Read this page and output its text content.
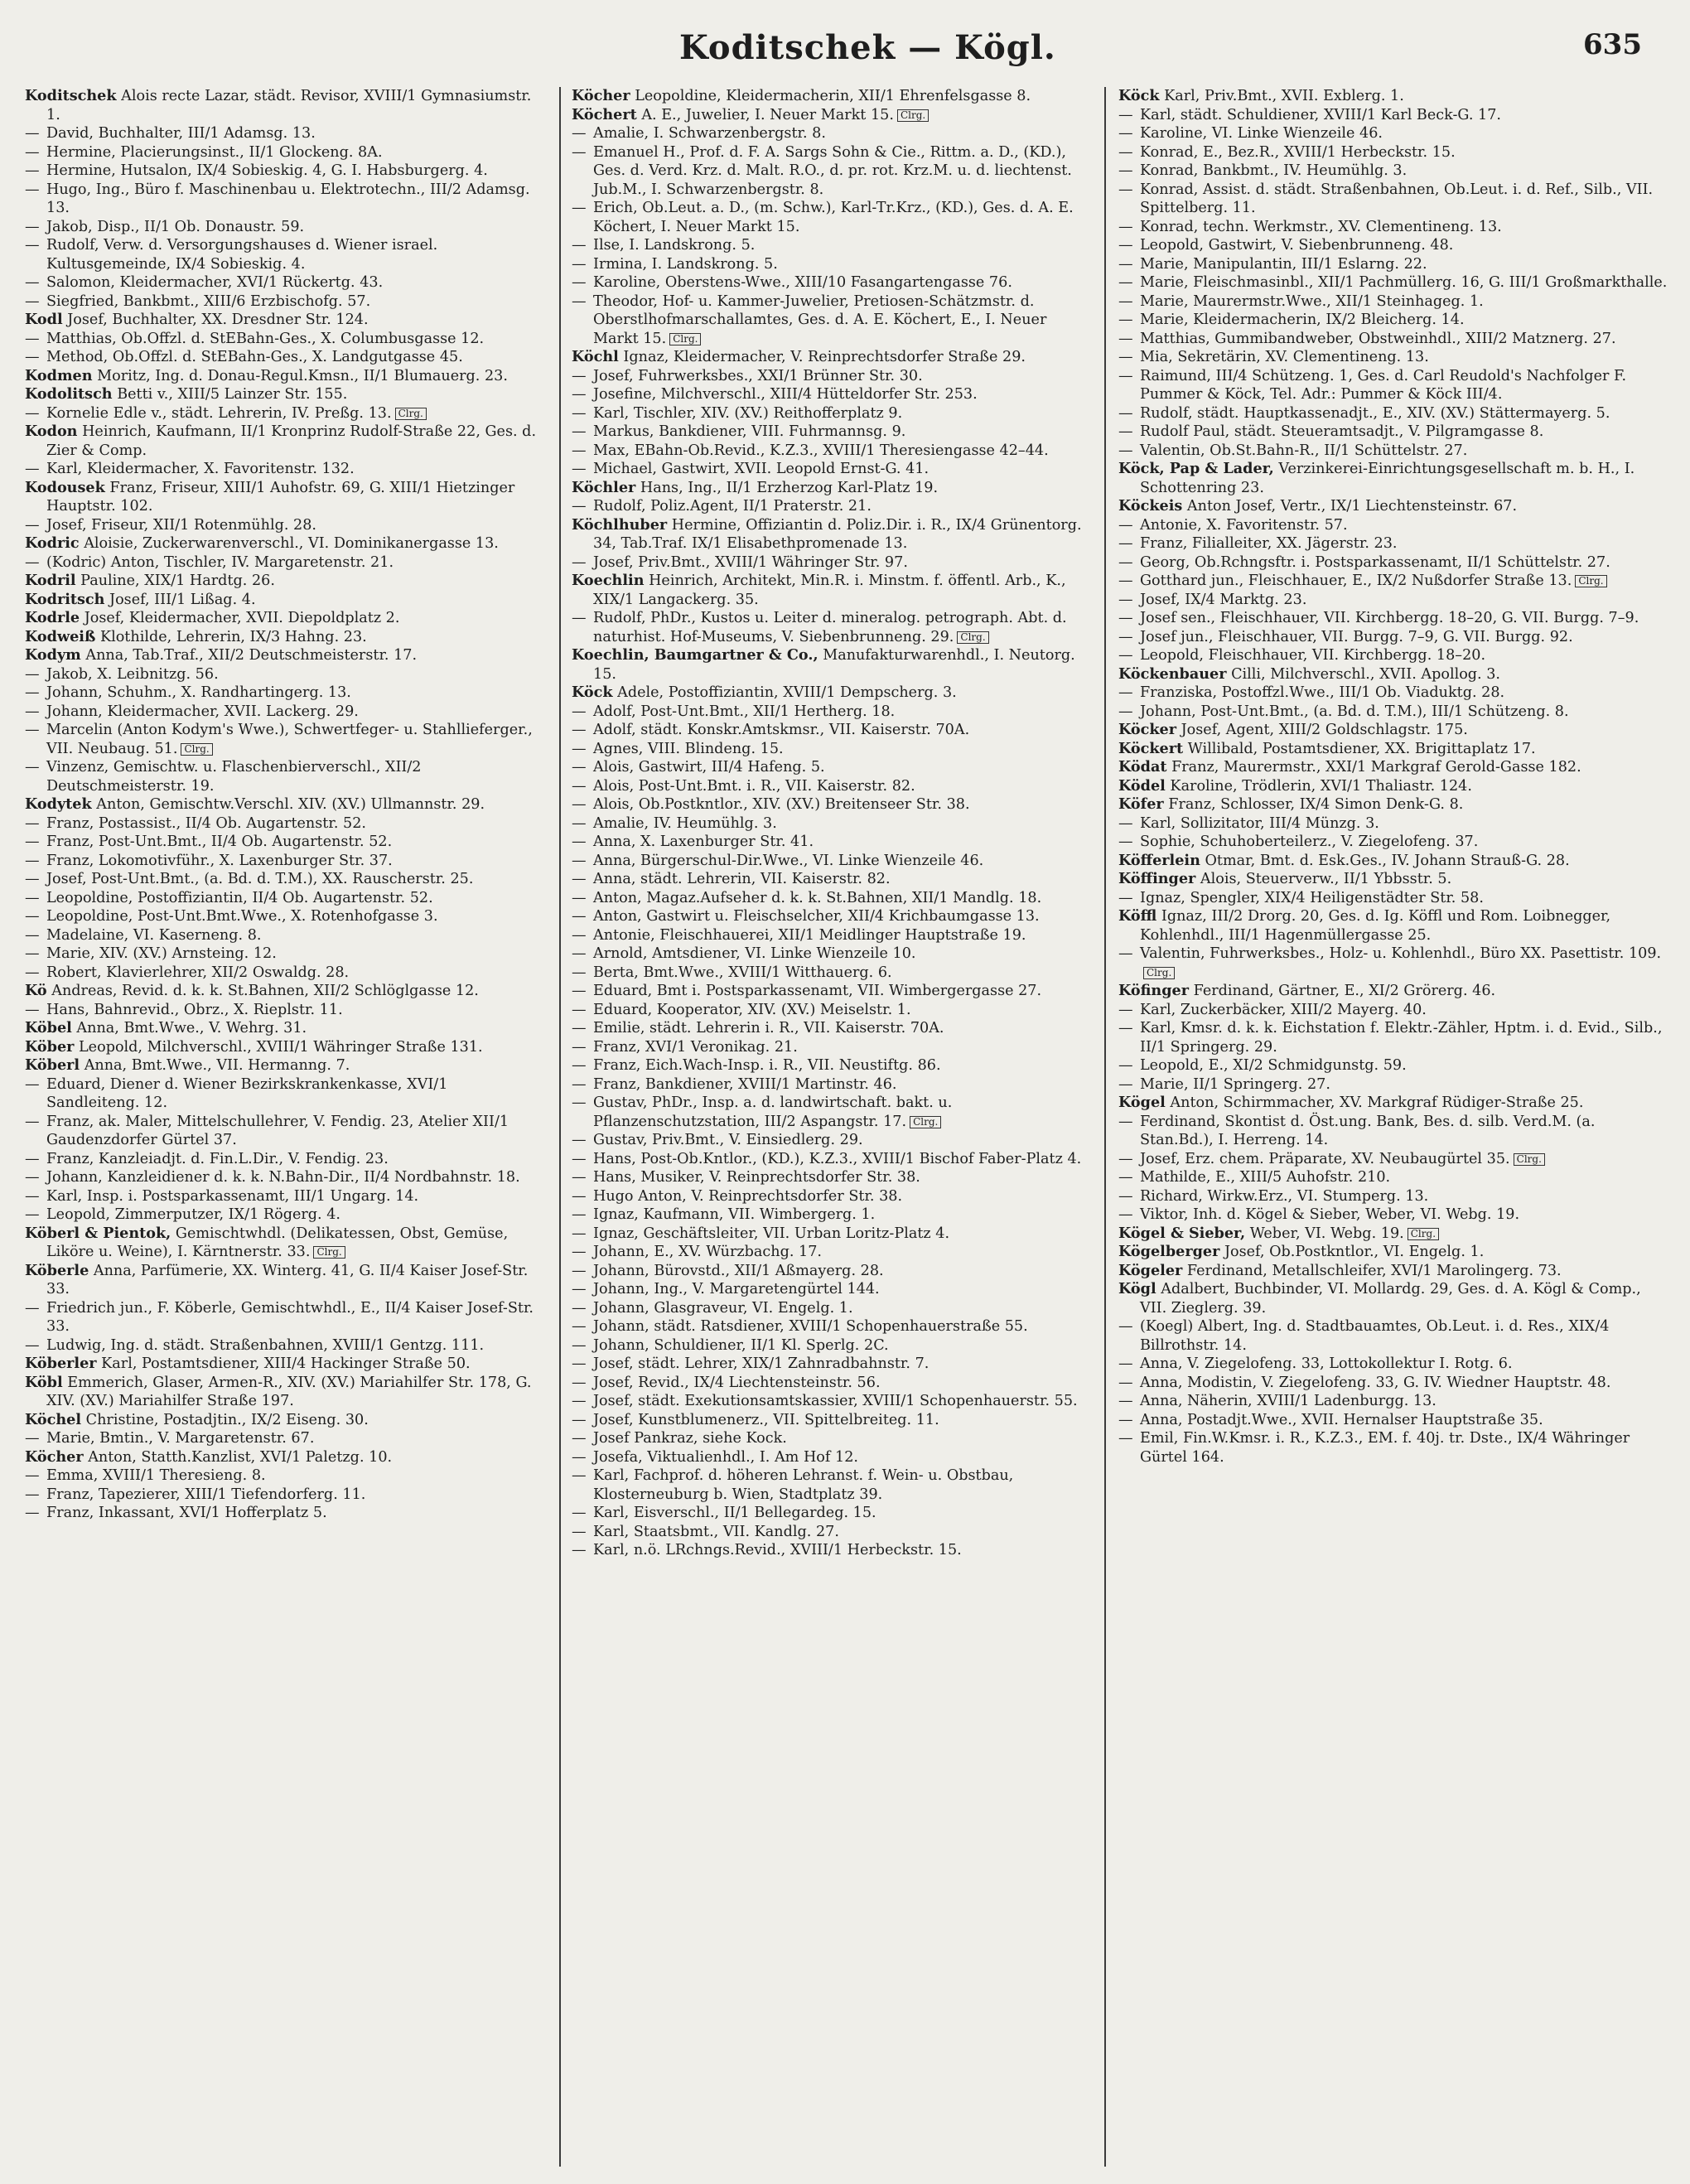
Koditschek — Kögl.	635

Koditschek Alois recte Lazar, städt. Revisor, XVIII/1 Gymnasiumstr. 1.

— David, Buchhalter, III/1 Adamsg. 13.

— Hermine, Placierungsinst., II/1 Glockeng. 8A.

— Hermine, Hutsalon, IX/4 Sobieskig. 4, G. I. Habsburgerg. 4.

— Hugo, Ing., Büro f. Maschinenbau u. Elektrotechn., III/2 Adamsg. 13.

— Jakob, Disp., II/1 Ob. Donaustr. 59.

— Rudolf, Verw. d. Versorgungshauses d. Wiener israel. Kultusgemeinde, IX/4 Sobieskig. 4.

— Salomon, Kleidermacher, XVI/1 Rückertg. 43.

— Siegfried, Bankbmt., XIII/6 Erzbischofg. 57.

Kodl Josef, Buchhalter, XX. Dresdner Str. 124.

— Matthias, Ob.Offzl. d. StEBahn-Ges., X. Columbusgasse 12.

— Method, Ob.Offzl. d. StEBahn-Ges., X. Landgutgasse 45.

Kodmen Moritz, Ing. d. Donau-Regul.Kmsn., II/1 Blumauerg. 23.

Kodolitsch Betti v., XIII/5 Lainzer Str. 155.

— Kornelie Edle v., städt. Lehrerin, IV. Preßg. 13. Clrg.

Kodon Heinrich, Kaufmann, II/1 Kronprinz Rudolf-Straße 22, Ges. d. Zier & Comp.

— Karl, Kleidermacher, X. Favoritenstr. 132.

Kodousek Franz, Friseur, XIII/1 Auhofstr. 69, G. XIII/1 Hietzinger Hauptstr. 102.

— Josef, Friseur, XII/1 Rotenmühlg. 28.

Kodric Aloisie, Zuckerwarenverschl., VI. Dominikanergasse 13.

— (Kodric) Anton, Tischler, IV. Margaretenstr. 21.

Kodril Pauline, XIX/1 Hardtg. 26.

Kodritsch Josef, III/1 Lißag. 4.

Kodrle Josef, Kleidermacher, XVII. Diepoldplatz 2.

Kodweiß Klothilde, Lehrerin, IX/3 Hahng. 23.

Kodym Anna, Tab.Traf., XII/2 Deutschmeisterstr. 17.

— Jakob, X. Leibnitzg. 56.

— Johann, Schuhm., X. Randhartingerg. 13.

— Johann, Kleidermacher, XVII. Lackerg. 29.

— Marcelin (Anton Kodym's Wwe.), Schwertfeger- u. Stahllieferger., VII. Neubaug. 51. Clrg.

— Vinzenz, Gemischtw. u. Flaschenbierverschl., XII/2 Deutschmeisterstr. 19.

Kodytek Anton, Gemischtw.Verschl. XIV. (XV.) Ullmannstr. 29.

— Franz, Postassist., II/4 Ob. Augartenstr. 52.

— Franz, Post-Unt.Bmt., II/4 Ob. Augartenstr. 52.

— Franz, Lokomotivführ., X. Laxenburger Str. 37.

— Josef, Post-Unt.Bmt., (a. Bd. d. T.M.), XX. Rauscherstr. 25.

— Leopoldine, Postoffiziantin, II/4 Ob. Augartenstr. 52.

— Leopoldine, Post-Unt.Bmt.Wwe., X. Rotenhofgasse 3.

— Madelaine, VI. Kaserneng. 8.

— Marie, XIV. (XV.) Arnsteing. 12.

— Robert, Klavierlehrer, XII/2 Oswaldg. 28.

Kö Andreas, Revid. d. k. k. St.Bahnen, XII/2 Schlöglgasse 12.

— Hans, Bahnrevid., Obrz., X. Rieplstr. 11.

Köbel Anna, Bmt.Wwe., V. Wehrg. 31.

Köber Leopold, Milchverschl., XVIII/1 Währinger Straße 131.

Köberl Anna, Bmt.Wwe., VII. Hermanng. 7.

— Eduard, Diener d. Wiener Bezirkskrankenkasse, XVI/1 Sandleiteng. 12.

— Franz, ak. Maler, Mittelschullehrer, V. Fendig. 23, Atelier XII/1 Gaudenzdorfer Gürtel 37.

— Franz, Kanzleiadjt. d. Fin.L.Dir., V. Fendig. 23.

— Johann, Kanzleidiener d. k. k. N.Bahn-Dir., II/4 Nordbahnstr. 18.

— Karl, Insp. i. Postsparkassenamt, III/1 Ungarg. 14.

— Leopold, Zimmerputzer, IX/1 Rögerg. 4.

Köberl & Pientok, Gemischtwhdl. (Delikatessen, Obst, Gemüse, Liköre u. Weine), I. Kärntnerstr. 33. Clrg.

Köberle Anna, Parfümerie, XX. Winterg. 41, G. II/4 Kaiser Josef-Str. 33.

— Friedrich jun., F. Köberle, Gemischtwhdl., E., II/4 Kaiser Josef-Str. 33.

— Ludwig, Ing. d. städt. Straßenbahnen, XVIII/1 Gentzg. 111.

Köberler Karl, Postamtsdiener, XIII/4 Hackinger Straße 50.

Köbl Emmerich, Glaser, Armen-R., XIV. (XV.) Mariahilfer Str. 178, G. XIV. (XV.) Mariahilfer Straße 197.

Köchel Christine, Postadjtin., IX/2 Eiseng. 30.

— Marie, Bmtin., V. Margaretenstr. 67.

Köcher Anton, Statth.Kanzlist, XVI/1 Paletzg. 10.

— Emma, XVIII/1 Theresieng. 8.

— Franz, Tapezierer, XIII/1 Tiefendorferg. 11.

— Franz, Inkassant, XVI/1 Hofferplatz 5.

Köcher Leopoldine, Kleidermacherin, XII/1 Ehrenfelsgasse 8.

Köchert A. E., Juwelier, I. Neuer Markt 15. Clrg.

— Amalie, I. Schwarzenbergstr. 8.

— Emanuel H., Prof. d. F. A. Sargs Sohn & Cie., Rittm. a. D., (KD.), Ges. d. Verd. Krz. d. Malt. R.O., d. pr. rot. Krz.M. u. d. liechtenst. Jub.M., I. Schwarzenbergstr. 8.

— Erich, Ob.Leut. a. D., (m. Schw.), Karl-Tr.Krz., (KD.), Ges. d. A. E. Köchert, I. Neuer Markt 15.

— Ilse, I. Landskrong. 5.

— Irmina, I. Landskrong. 5.

— Karoline, Oberstens-Wwe., XIII/10 Fasangartengasse 76.

— Theodor, Hof- u. Kammer-Juwelier, Pretiosen-Schätzmstr. d. Oberstlhofmarschallamtes, Ges. d. A. E. Köchert, E., I. Neuer Markt 15. Clrg.

Köchl Ignaz, Kleidermacher, V. Reinprechtsdorfer Straße 29.

— Josef, Fuhrwerksbes., XXI/1 Brünner Str. 30.

— Josefine, Milchverschl., XIII/4 Hütteldorfer Str. 253.

— Karl, Tischler, XIV. (XV.) Reithofferplatz 9.

— Markus, Bankdiener, VIII. Fuhrmannsg. 9.

— Max, EBahn-Ob.Revid., K.Z.3., XVIII/1 Theresiengasse 42–44.

— Michael, Gastwirt, XVII. Leopold Ernst-G. 41.

Köchler Hans, Ing., II/1 Erzherzog Karl-Platz 19.

— Rudolf, Poliz.Agent, II/1 Praterstr. 21.

Köchlhuber Hermine, Offiziantin d. Poliz.Dir. i. R., IX/4 Grünentorg. 34, Tab.Traf. IX/1 Elisabethpromenade 13.

— Josef, Priv.Bmt., XVIII/1 Währinger Str. 97.

Koechlin Heinrich, Architekt, Min.R. i. Minstm. f. öffentl. Arb., K., XIX/1 Langackerg. 35.

— Rudolf, PhDr., Kustos u. Leiter d. mineralog. petrograph. Abt. d. naturhist. Hof-Museums, V. Siebenbrunneng. 29. Clrg.

Koechlin, Baumgartner & Co., Manufakturwarenhdl., I. Neutorg. 15.

Köck Adele, Postoffiziantin, XVIII/1 Dempscherg. 3.

— Adolf, Post-Unt.Bmt., XII/1 Hertherg. 18.

— Adolf, städt. Konskr.Amtskmsr., VII. Kaiserstr. 70A.

— Agnes, VIII. Blindeng. 15.

— Alois, Gastwirt, III/4 Hafeng. 5.

— Alois, Post-Unt.Bmt. i. R., VII. Kaiserstr. 82.

— Alois, Ob.Postkntlor., XIV. (XV.) Breitenseer Str. 38.

— Amalie, IV. Heumühlg. 3.

— Anna, X. Laxenburger Str. 41.

— Anna, Bürgerschul-Dir.Wwe., VI. Linke Wienzeile 46.

— Anna, städt. Lehrerin, VII. Kaiserstr. 82.

— Anton, Magaz.Aufseher d. k. k. St.Bahnen, XII/1 Mandlg. 18.

— Anton, Gastwirt u. Fleischselcher, XII/4 Krichbaumgasse 13.

— Antonie, Fleischhauerei, XII/1 Meidlinger Hauptstraße 19.

— Arnold, Amtsdiener, VI. Linke Wienzeile 10.

— Berta, Bmt.Wwe., XVIII/1 Witthauerg. 6.

— Eduard, Bmt i. Postsparkassenamt, VII. Wimbergergasse 27.

— Eduard, Kooperator, XIV. (XV.) Meiselstr. 1.

— Emilie, städt. Lehrerin i. R., VII. Kaiserstr. 70A.

— Franz, XVI/1 Veronikag. 21.

— Franz, Eich.Wach-Insp. i. R., VII. Neustiftg. 86.

— Franz, Bankdiener, XVIII/1 Martinstr. 46.

— Gustav, PhDr., Insp. a. d. landwirtschaft. bakt. u. Pflanzenschutzstation, III/2 Aspangstr. 17. Clrg.

— Gustav, Priv.Bmt., V. Einsiedlerg. 29.

— Hans, Post-Ob.Kntlor., (KD.), K.Z.3., XVIII/1 Bischof Faber-Platz 4.

— Hans, Musiker, V. Reinprechtsdorfer Str. 38.

— Hugo Anton, V. Reinprechtsdorfer Str. 38.

— Ignaz, Kaufmann, VII. Wimbergerg. 1.

— Ignaz, Geschäftsleiter, VII. Urban Loritz-Platz 4.

— Johann, E., XV. Würzbachg. 17.

— Johann, Bürovstd., XII/1 Aßmayerg. 28.

— Johann, Ing., V. Margaretengürtel 144.

— Johann, Glasgraveur, VI. Engelg. 1.

— Johann, städt. Ratsdiener, XVIII/1 Schopenhauerstraße 55.

— Johann, Schuldiener, II/1 Kl. Sperlg. 2C.

— Josef, städt. Lehrer, XIX/1 Zahnradbahnstr. 7.

— Josef, Revid., IX/4 Liechtensteinstr. 56.

— Josef, städt. Exekutionsamtskassier, XVIII/1 Schopenhauerstr. 55.

— Josef, Kunstblumenerz., VII. Spittelbreiteg. 11.

— Josef Pankraz, siehe Kock.

— Josefa, Viktualienhdl., I. Am Hof 12.

— Karl, Fachprof. d. höheren Lehranst. f. Wein- u. Obstbau, Klosterneuburg b. Wien, Stadtplatz 39.

— Karl, Eisverschl., II/1 Bellegardeg. 15.

— Karl, Staatsbmt., VII. Kandlg. 27.

— Karl, n.ö. LRchngs.Revid., XVIII/1 Herbeckstr. 15.

Köck Karl, Priv.Bmt., XVII. Exblerg. 1.

— Karl, städt. Schuldiener, XVIII/1 Karl Beck-G. 17.

— Karoline, VI. Linke Wienzeile 46.

— Konrad, E., Bez.R., XVIII/1 Herbeckstr. 15.

— Konrad, Bankbmt., IV. Heumühlg. 3.

— Konrad, Assist. d. städt. Straßenbahnen, Ob.Leut. i. d. Ref., Silb., VII. Spittelberg. 11.

— Konrad, techn. Werkmstr., XV. Clementineng. 13.

— Leopold, Gastwirt, V. Siebenbrunneng. 48.

— Marie, Manipulantin, III/1 Eslarng. 22.

— Marie, Fleischmasinbl., XII/1 Pachmüllerg. 16, G. III/1 Großmarkthalle.

— Marie, Maurermstr.Wwe., XII/1 Steinhageg. 1.

— Marie, Kleidermacherin, IX/2 Bleicherg. 14.

— Matthias, Gummibandweber, Obstweinhdl., XIII/2 Matznerg. 27.

— Mia, Sekretärin, XV. Clementineng. 13.

— Raimund, III/4 Schützeng. 1, Ges. d. Carl Reudold's Nachfolger F. Pummer & Köck, Tel. Adr.: Pummer & Köck III/4.

— Rudolf, städt. Hauptkassenadjt., E., XIV. (XV.) Stättermayerg. 5.

— Rudolf Paul, städt. Steueramtsadjt., V. Pilgramgasse 8.

— Valentin, Ob.St.Bahn-R., II/1 Schüttelstr. 27.

Köck, Pap & Lader, Verzinkerei-Einrichtungsgesellschaft m. b. H., I. Schottenring 23.

Köckeis Anton Josef, Vertr., IX/1 Liechtensteinstr. 67.

— Antonie, X. Favoritenstr. 57.

— Franz, Filialleiter, XX. Jägerstr. 23.

— Georg, Ob.Rchngsftr. i. Postsparkassenamt, II/1 Schüttelstr. 27.

— Gotthard jun., Fleischhauer, E., IX/2 Nußdorfer Straße 13. Clrg.

— Josef, IX/4 Marktg. 23.

— Josef sen., Fleischhauer, VII. Kirchbergg. 18–20, G. VII. Burgg. 7–9.

— Josef jun., Fleischhauer, VII. Burgg. 7–9, G. VII. Burgg. 92.

— Leopold, Fleischhauer, VII. Kirchbergg. 18–20.

Köckenbauer Cilli, Milchverschl., XVII. Apollog. 3.

— Franziska, Postoffzl.Wwe., III/1 Ob. Viaduktg. 28.

— Johann, Post-Unt.Bmt., (a. Bd. d. T.M.), III/1 Schützeng. 8.

Köcker Josef, Agent, XIII/2 Goldschlagstr. 175.

Köckert Willibald, Postamtsdiener, XX. Brigittaplatz 17.

Ködat Franz, Maurermstr., XXI/1 Markgraf Gerold-Gasse 182.

Ködel Karoline, Trödlerin, XVI/1 Thaliastr. 124.

Köfer Franz, Schlosser, IX/4 Simon Denk-G. 8.

— Karl, Sollizitator, III/4 Münzg. 3.

— Sophie, Schuhoberteilerz., V. Ziegelofeng. 37.

Köfferlein Otmar, Bmt. d. Esk.Ges., IV. Johann Strauß-G. 28.

Köffinger Alois, Steuerverw., II/1 Ybbsstr. 5.

— Ignaz, Spengler, XIX/4 Heiligenstädter Str. 58.

Köffl Ignaz, III/2 Drorg. 20, Ges. d. Ig. Köffl und Rom. Loibnegger, Kohlenhdl., III/1 Hagenmüllergasse 25.

— Valentin, Fuhrwerksbes., Holz- u. Kohlenhdl., Büro XX. Pasettistr. 109.Clrg.

Köfinger Ferdinand, Gärtner, E., XI/2 Grörerg. 46.

— Karl, Zuckerbäcker, XIII/2 Mayerg. 40.

— Karl, Kmsr. d. k. k. Eichstation f. Elektr.-Zähler, Hptm. i. d. Evid., Silb., II/1 Springerg. 29.

— Leopold, E., XI/2 Schmidgunstg. 59.

— Marie, II/1 Springerg. 27.

Kögel Anton, Schirmmacher, XV. Markgraf Rüdiger-Straße 25.

— Ferdinand, Skontist d. Öst.ung. Bank, Bes. d. silb. Verd.M. (a. Stan.Bd.), I. Herreng. 14.

— Josef, Erz. chem. Präparate, XV. Neubaugürtel 35. Clrg.

— Mathilde, E., XIII/5 Auhofstr. 210.

— Richard, Wirkw.Erz., VI. Stumperg. 13.

— Viktor, Inh. d. Kögel & Sieber, Weber, VI. Webg. 19.

Kögel & Sieber, Weber, VI. Webg. 19. Clrg.

Kögelberger Josef, Ob.Postkntlor., VI. Engelg. 1.

Kögeler Ferdinand, Metallschleifer, XVI/1 Marolingerg. 73.

Kögl Adalbert, Buchbinder, VI. Mollardg. 29, Ges. d. A. Kögl & Comp., VII. Zieglerg. 39.

— (Koegl) Albert, Ing. d. Stadtbauamtes, Ob.Leut. i. d. Res., XIX/4 Billrothstr. 14.

— Anna, V. Ziegelofeng. 33, Lottokollektur I. Rotg. 6.

— Anna, Modistin, V. Ziegelofeng. 33, G. IV. Wiedner Hauptstr. 48.

— Anna, Näherin, XVIII/1 Ladenburgg. 13.

— Anna, Postadjt.Wwe., XVII. Hernalser Hauptstraße 35.

— Emil, Fin.W.Kmsr. i. R., K.Z.3., EM. f. 40j. tr. Dste., IX/4 Währinger Gürtel 164.
